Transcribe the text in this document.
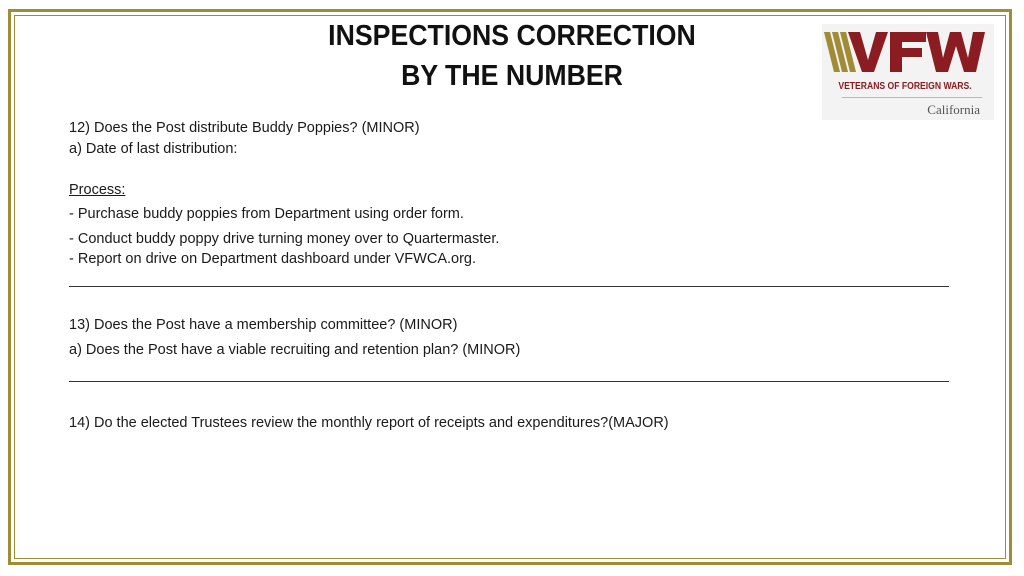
INSPECTIONS CORRECTION
BY THE NUMBER	VETERANS OF FOREIGN WARS.
California
12) Does the Post distribute Buddy Poppies? (MINOR)
a) Date of last distribution:
Process:
- Purchase buddy poppies from Department using order form.
- Conduct buddy poppy drive turning money over to Quartermaster.
- Report on drive on Department dashboard under VFWCA.org.
13) Does the Post have a membership committee? (MINOR)
a) Does the Post have a viable recruiting and retention plan? (MINOR)
14) Do the elected Trustees review the monthly report of receipts and expenditures?(MAJOR)
